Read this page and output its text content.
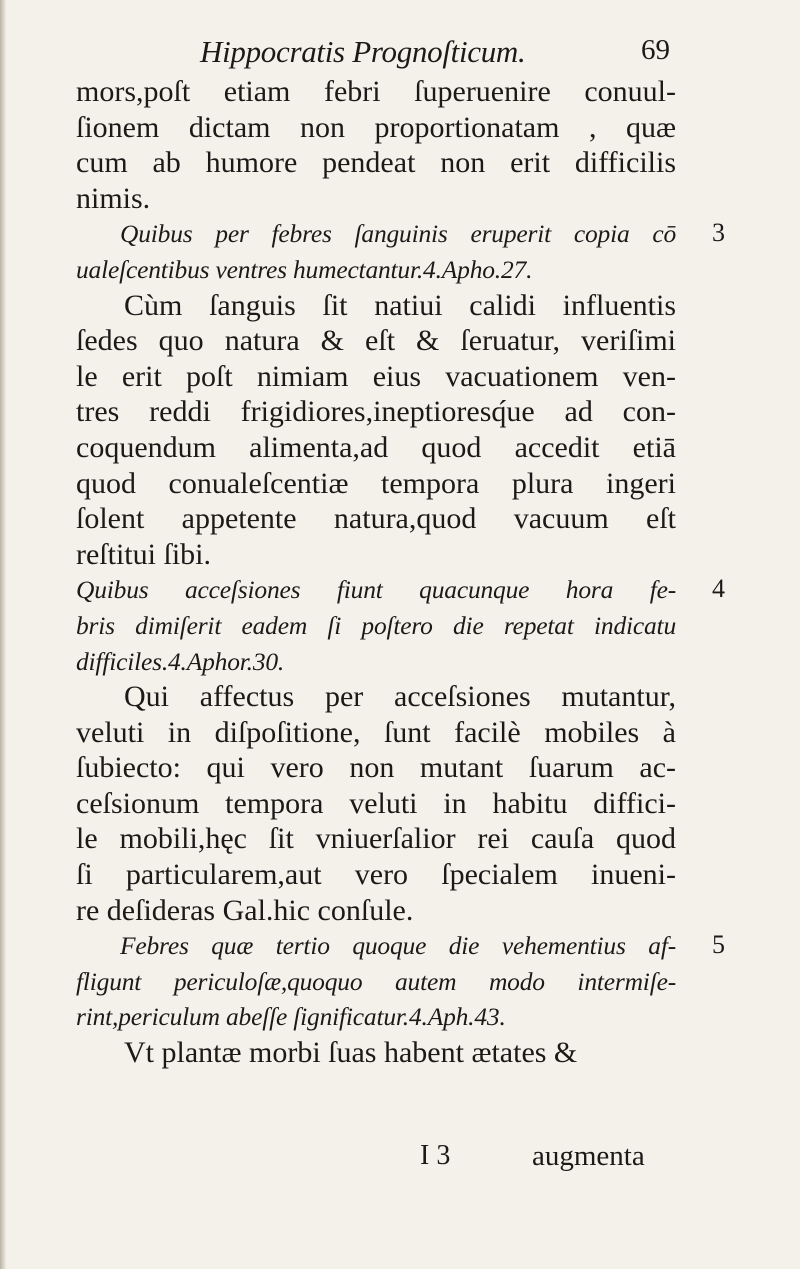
Hippocratis Prognoſticum.	69
mors,poſt etiam febri ſuperuenire conuul-
ſionem dictam non proportionatam , quæ
cum ab humore pendeat non erit difficilis
nimis.
Quibus per febres ſanguinis eruperit copia cō
ualeſcentibus ventres humectantur.4.Apho.27.
Cùm ſanguis ſit natiui calidi influentis
ſedes quo natura & eſt & ſeruatur, veriſimi
le erit poſt nimiam eius vacuationem ven-
tres reddi frigidiores,ineptioresq́ue ad con-
coquendum alimenta,ad quod accedit etiā
quod conualeſcentiæ tempora plura ingeri
ſolent appetente natura,quod vacuum eſt
reſtitui ſibi.
Quibus acceſsiones fiunt quacunque hora fe-
bris dimiſerit eadem ſi poſtero die repetat indicatu
difficiles.4.Aphor.30.
Qui affectus per acceſsiones mutantur,
veluti in diſpoſitione, ſunt facilè mobiles à
ſubiecto: qui vero non mutant ſuarum ac-
ceſsionum tempora veluti in habitu diffici-
le mobili,hęc ſit vniuerſalior rei cauſa quod
ſi particularem,aut vero ſpecialem inueni-
re deſideras Gal.hic conſule.
Febres quæ tertio quoque die vehementius af-
fligunt periculoſæ,quoquo autem modo intermiſe-
rint,periculum abeſſe ſignificatur.4.Aph.43.
Vt plantæ morbi ſuas habent ætates &
I 3	augmenta
3
4
5
